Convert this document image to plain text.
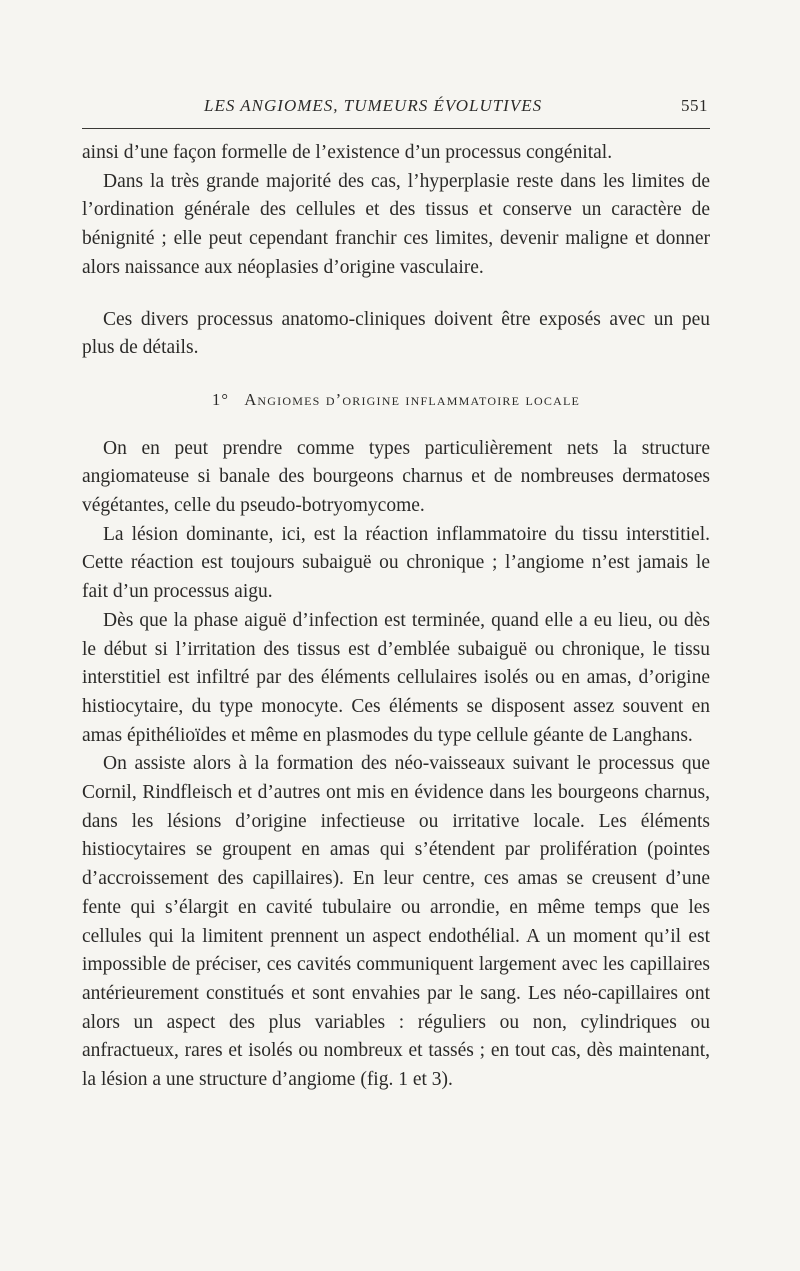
LES ANGIOMES, TUMEURS ÉVOLUTIVES	551

ainsi d’une façon formelle de l’existence d’un processus congénital.

Dans la très grande majorité des cas, l’hyperplasie reste dans les limites de l’ordination générale des cellules et des tissus et conserve un caractère de bénignité ; elle peut cependant franchir ces limites, devenir maligne et donner alors naissance aux néoplasies d’origine vasculaire.

Ces divers processus anatomo-cliniques doivent être exposés avec un peu plus de détails.

1° Angiomes d’origine inflammatoire locale

On en peut prendre comme types particulièrement nets la structure angiomateuse si banale des bourgeons charnus et de nombreuses dermatoses végétantes, celle du pseudo-botryomycome.

La lésion dominante, ici, est la réaction inflammatoire du tissu interstitiel. Cette réaction est toujours subaiguë ou chronique ; l’angiome n’est jamais le fait d’un processus aigu.

Dès que la phase aiguë d’infection est terminée, quand elle a eu lieu, ou dès le début si l’irritation des tissus est d’emblée subaiguë ou chronique, le tissu interstitiel est infiltré par des éléments cellulaires isolés ou en amas, d’origine histiocytaire, du type monocyte. Ces éléments se disposent assez souvent en amas épithélioïdes et même en plasmodes du type cellule géante de Langhans.

On assiste alors à la formation des néo-vaisseaux suivant le processus que Cornil, Rindfleisch et d’autres ont mis en évidence dans les bourgeons charnus, dans les lésions d’origine infectieuse ou irritative locale. Les éléments histiocytaires se groupent en amas qui s’étendent par prolifération (pointes d’accroissement des capillaires). En leur centre, ces amas se creusent d’une fente qui s’élargit en cavité tubulaire ou arrondie, en même temps que les cellules qui la limitent prennent un aspect endothélial. A un moment qu’il est impossible de préciser, ces cavités communiquent largement avec les capillaires antérieurement constitués et sont envahies par le sang. Les néo-capillaires ont alors un aspect des plus variables : réguliers ou non, cylindriques ou anfractueux, rares et isolés ou nombreux et tassés ; en tout cas, dès maintenant, la lésion a une structure d’angiome (fig. 1 et 3).
